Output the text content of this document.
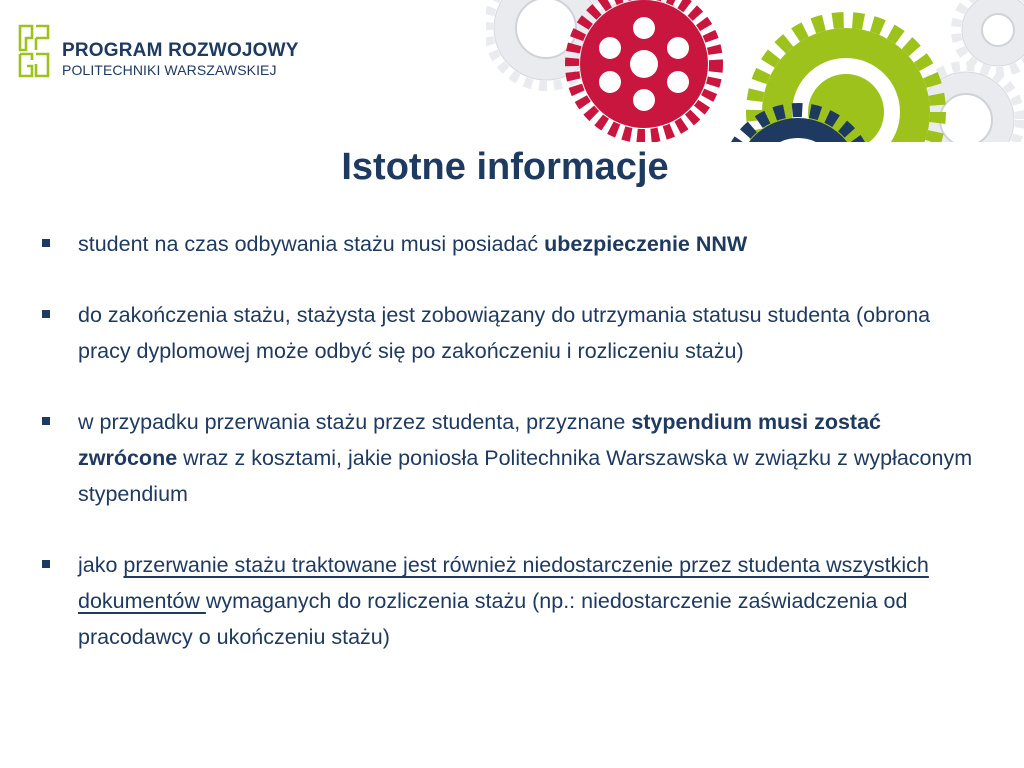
PROGRAM ROZWOJOWY
POLITECHNIKI WARSZAWSKIEJ
Istotne informacje
student na czas odbywania stażu musi posiadać ubezpieczenie NNW
do zakończenia stażu, stażysta jest zobowiązany do utrzymania statusu studenta (obrona pracy dyplomowej może odbyć się po zakończeniu i rozliczeniu stażu)
w przypadku przerwania stażu przez studenta, przyznane stypendium musi zostać zwrócone wraz z kosztami, jakie poniosła Politechnika Warszawska w związku z wypłaconym stypendium
jako przerwanie stażu traktowane jest również niedostarczenie przez studenta wszystkich dokumentów wymaganych do rozliczenia stażu (np.: niedostarczenie zaświadczenia od pracodawcy o ukończeniu stażu)
